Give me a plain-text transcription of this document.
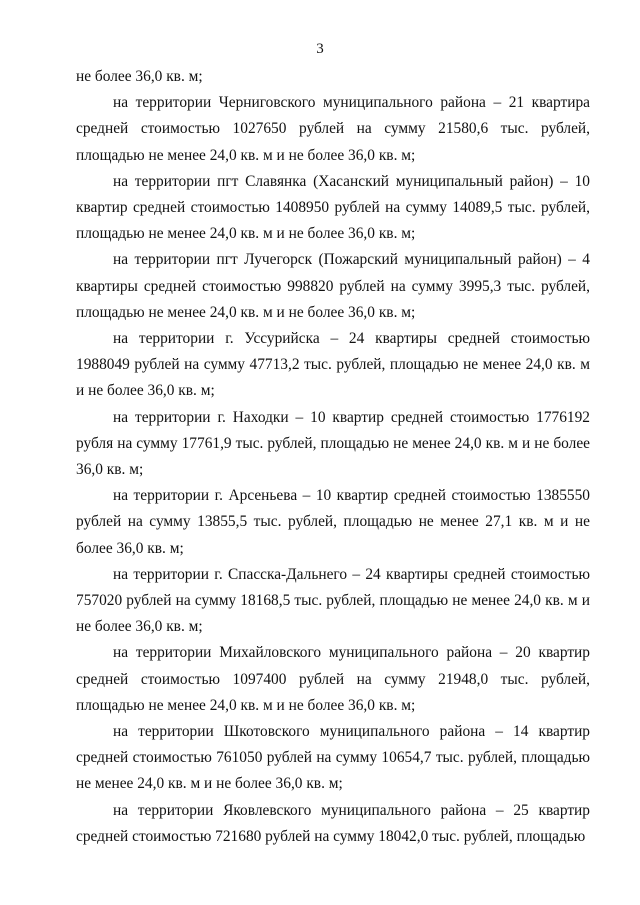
3

не более 36,0 кв. м;

на территории Черниговского муниципального района – 21 квартира средней стоимостью 1027650 рублей на сумму 21580,6 тыс. рублей, площадью не менее 24,0 кв. м и не более 36,0 кв. м;

на территории пгт Славянка (Хасанский муниципальный район) – 10 квартир средней стоимостью 1408950 рублей на сумму 14089,5 тыс. рублей, площадью не менее 24,0 кв. м и не более 36,0 кв. м;

на территории пгт Лучегорск (Пожарский муниципальный район) – 4 квартиры средней стоимостью 998820 рублей на сумму 3995,3 тыс. рублей, площадью не менее 24,0 кв. м и не более 36,0 кв. м;

на территории г. Уссурийска – 24 квартиры средней стоимостью 1988049 рублей на сумму 47713,2 тыс. рублей, площадью не менее 24,0 кв. м и не более 36,0 кв. м;

на территории г. Находки – 10 квартир средней стоимостью 1776192 рубля на сумму 17761,9 тыс. рублей, площадью не менее 24,0 кв. м и не более 36,0 кв. м;

на территории г. Арсеньева – 10 квартир средней стоимостью 1385550 рублей на сумму 13855,5 тыс. рублей, площадью не менее 27,1 кв. м и не более 36,0 кв. м;

на территории г. Спасска-Дальнего – 24 квартиры средней стоимостью 757020 рублей на сумму 18168,5 тыс. рублей, площадью не менее 24,0 кв. м и не более 36,0 кв. м;

на территории Михайловского муниципального района – 20 квартир средней стоимостью 1097400 рублей на сумму 21948,0 тыс. рублей, площадью не менее 24,0 кв. м и не более 36,0 кв. м;

на территории Шкотовского муниципального района – 14 квартир средней стоимостью 761050 рублей на сумму 10654,7 тыс. рублей, площадью не менее 24,0 кв. м и не более 36,0 кв. м;

на территории Яковлевского муниципального района – 25 квартир средней стоимостью 721680 рублей на сумму 18042,0 тыс. рублей, площадью
